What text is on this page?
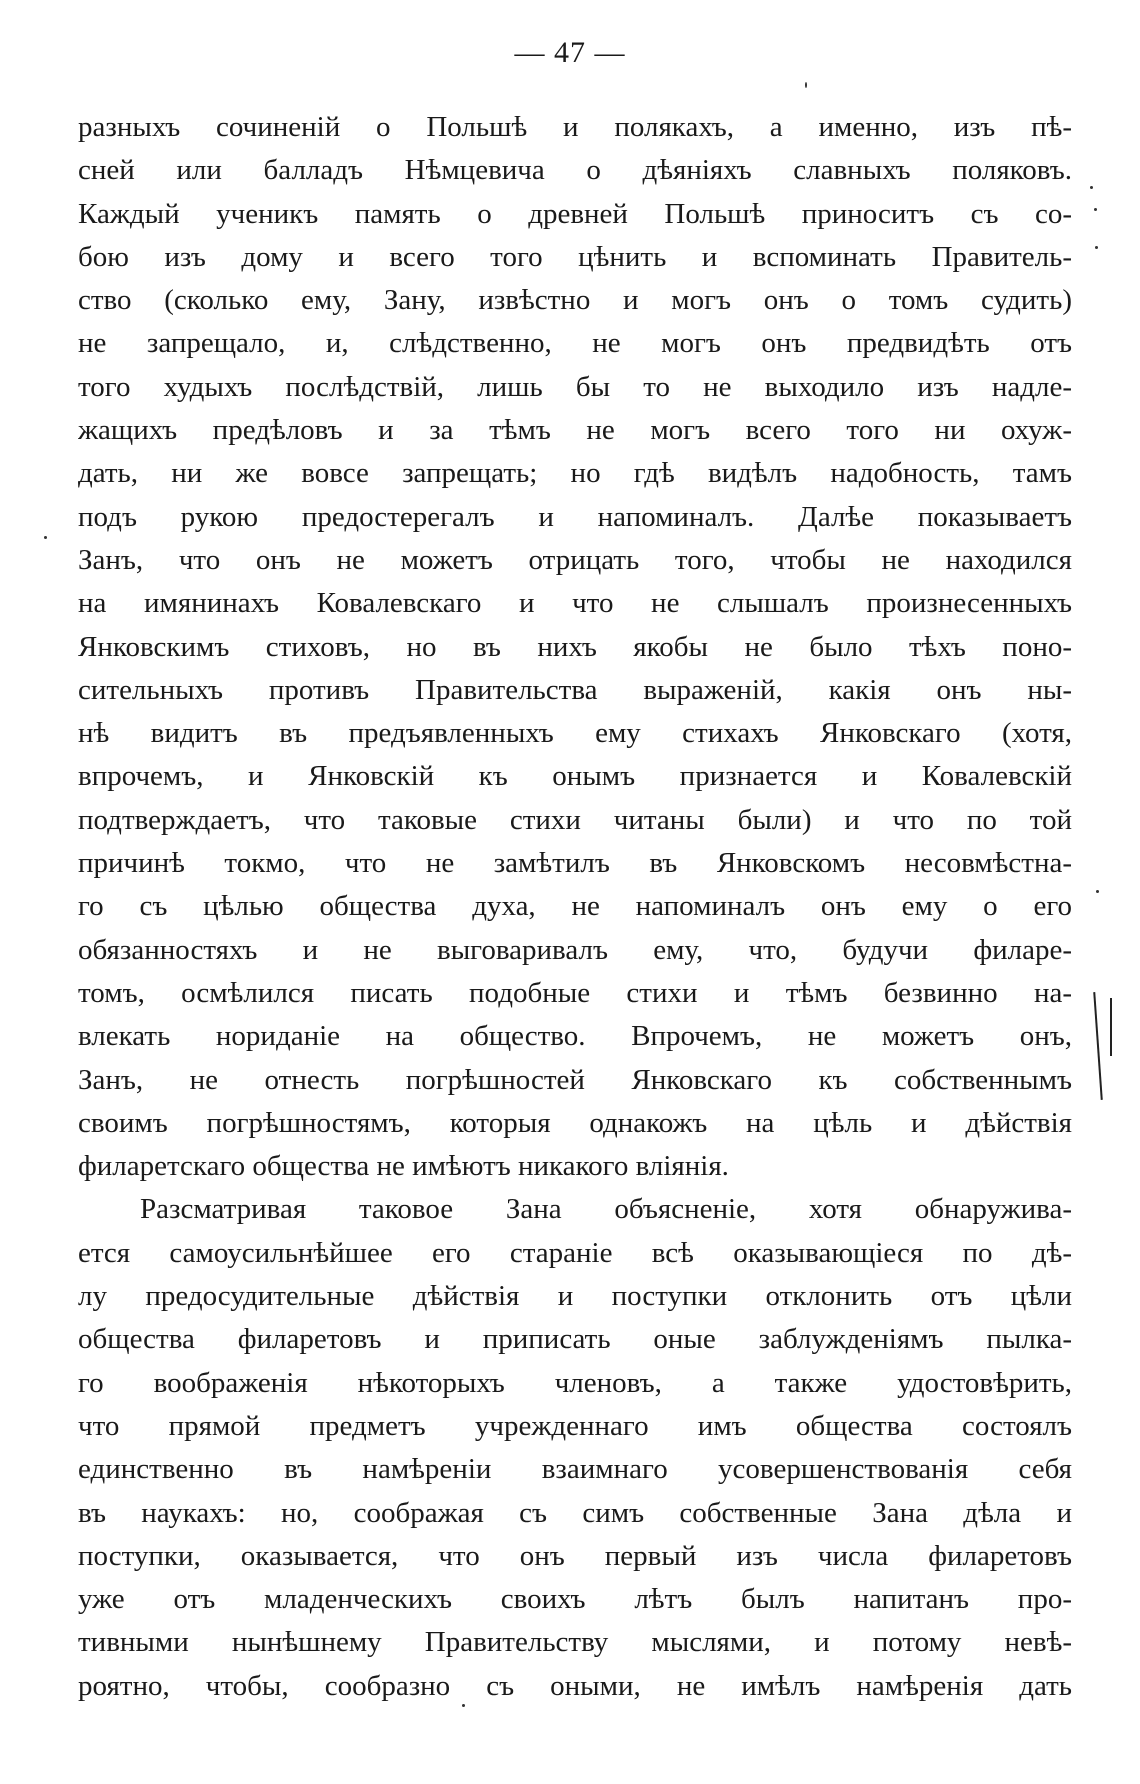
— 47 —
разныхъ сочиненій о Польшѣ и полякахъ, а именно, изъ пѣ-
сней или балладъ Нѣмцевича о дѣяніяхъ славныхъ поляковъ.
Каждый ученикъ память о древней Польшѣ приноситъ съ со-
бою изъ дому и всего того цѣнить и вспоминать Правитель-
ство (сколько ему, Зану, извѣстно и могъ онъ о томъ судить)
не запрещало, и, слѣдственно, не могъ онъ предвидѣть отъ
того худыхъ послѣдствій, лишь бы то не выходило изъ надле-
жащихъ предѣловъ и за тѣмъ не могъ всего того ни охуж-
дать, ни же вовсе запрещать; но гдѣ видѣлъ надобность, тамъ
подъ рукою предостерегалъ и напоминалъ. Далѣе показываетъ
Занъ, что онъ не можетъ отрицать того, чтобы не находился
на имянинахъ Ковалевскаго и что не слышалъ произнесенныхъ
Янковскимъ стиховъ, но въ нихъ якобы не было тѣхъ поно-
сительныхъ противъ Правительства выраженій, какія онъ ны-
нѣ видитъ въ предъявленныхъ ему стихахъ Янковскаго (хотя,
впрочемъ, и Янковскій къ онымъ признается и Ковалевскій
подтверждаетъ, что таковые стихи читаны были) и что по той
причинѣ токмо, что не замѣтилъ въ Янковскомъ несовмѣстна-
го съ цѣлью общества духа, не напоминалъ онъ ему о его
обязанностяхъ и не выговаривалъ ему, что, будучи филаре-
томъ, осмѣлился писать подобные стихи и тѣмъ безвинно на-
влекать нориданіе на общество. Впрочемъ, не можетъ онъ,
Занъ, не отнесть погрѣшностей Янковскаго къ собственнымъ
своимъ погрѣшностямъ, которыя однакожъ на цѣль и дѣйствія
филаретскаго общества не имѣютъ никакого вліянія.
Разсматривая таковое Зана объясненіе, хотя обнаружива-
ется самоусильнѣйшее его стараніе всѣ оказывающіеся по дѣ-
лу предосудительные дѣйствія и поступки отклонить отъ цѣли
общества филаретовъ и приписать оные заблужденіямъ пылка-
го воображенія нѣкоторыхъ членовъ, а также удостовѣрить,
что прямой предметъ учрежденнаго имъ общества состоялъ
единственно въ намѣреніи взаимнаго усовершенствованія себя
въ наукахъ: но, соображая съ симъ собственные Зана дѣла и
поступки, оказывается, что онъ первый изъ числа филаретовъ
уже отъ младенческихъ своихъ лѣтъ былъ напитанъ про-
тивными нынѣшнему Правительству мыслями, и потому невѣ-
роятно, чтобы, сообразно съ оными, не имѣлъ намѣренія дать
